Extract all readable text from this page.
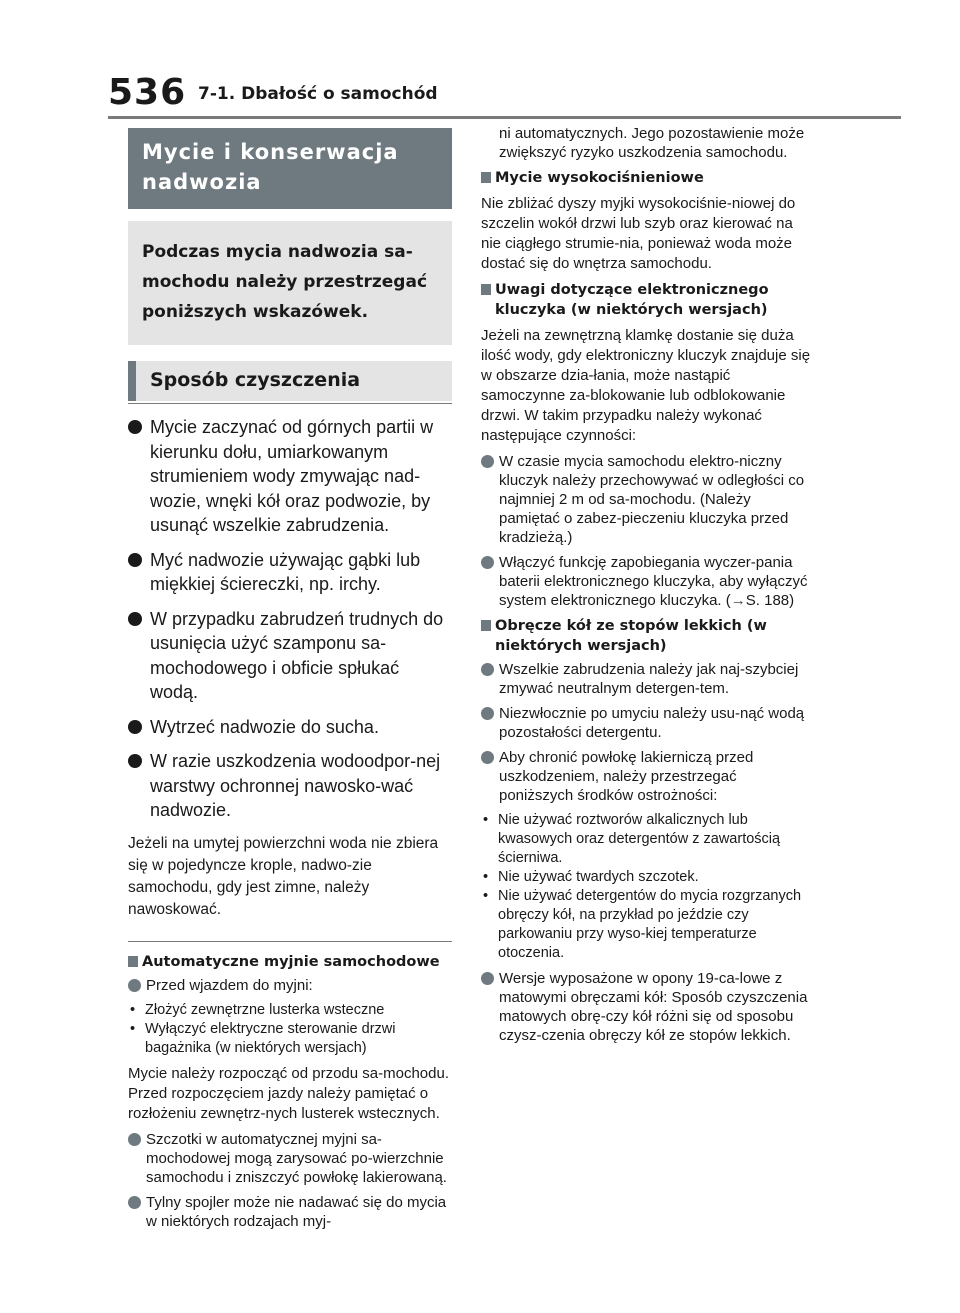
536 7-1. Dbałość o samochód
Mycie i konserwacja nadwozia
Podczas mycia nadwozia sa-mochodu należy przestrzegać poniższych wskazówek.
Sposób czyszczenia
Mycie zaczynać od górnych partii w kierunku dołu, umiarkowanym strumieniem wody zmywając nad-wozie, wnęki kół oraz podwozie, by usunąć wszelkie zabrudzenia.
Myć nadwozie używając gąbki lub miękkiej ściereczki, np. irchy.
W przypadku zabrudzeń trudnych do usunięcia użyć szamponu sa-mochodowego i obficie spłukać wodą.
Wytrzeć nadwozie do sucha.
W razie uszkodzenia wodoodpor-nej warstwy ochronnej nawosko-wać nadwozie.

Jeżeli na umytej powierzchni woda nie zbiera się w pojedyncze krople, nadwo-zie samochodu, gdy jest zimne, należy nawoskować.

Automatyczne myjnie samochodowe
Przed wjazdem do myjni:
• Złożyć zewnętrzne lusterka wsteczne
• Wyłączyć elektryczne sterowanie drzwi bagażnika (w niektórych wersjach)

Mycie należy rozpocząć od przodu sa-mochodu. Przed rozpoczęciem jazdy należy pamiętać o rozłożeniu zewnętrz-nych lusterek wstecznych.

Szczotki w automatycznej myjni sa-mochodowej mogą zarysować po-wierzchnie samochodu i zniszczyć powłokę lakierowaną.
Tylny spojler może nie nadawać się do mycia w niektórych rodzajach myj-

ni automatycznych. Jego pozostawienie może zwiększyć ryzyko uszkodzenia samochodu.

Mycie wysokociśnieniowe

Nie zbliżać dyszy myjki wysokociśnie-niowej do szczelin wokół drzwi lub szyb oraz kierować na nie ciągłego strumie-nia, ponieważ woda może dostać się do wnętrza samochodu.

Uwagi dotyczące elektronicznego kluczyka (w niektórych wersjach)

Jeżeli na zewnętrzną klamkę dostanie się duża ilość wody, gdy elektroniczny kluczyk znajduje się w obszarze dzia-łania, może nastąpić samoczynne za-blokowanie lub odblokowanie drzwi. W takim przypadku należy wykonać następujące czynności:

W czasie mycia samochodu elektro-niczny kluczyk należy przechowywać w odległości co najmniej 2 m od sa-mochodu. (Należy pamiętać o zabez-pieczeniu kluczyka przed kradzieżą.)
Włączyć funkcję zapobiegania wyczer-pania baterii elektronicznego kluczyka, aby wyłączyć system elektronicznego kluczyka. (→S. 188)
Obręcze kół ze stopów lekkich (w niektórych wersjach)
Wszelkie zabrudzenia należy jak naj-szybciej zmywać neutralnym detergen-tem.
Niezwłocznie po umyciu należy usu-nąć wodą pozostałości detergentu.
Aby chronić powłokę lakierniczą przed uszkodzeniem, należy przestrzegać poniższych środków ostrożności:
• Nie używać roztworów alkalicznych lub kwasowych oraz detergentów z zawartością ścierniwa.
• Nie używać twardych szczotek.
• Nie używać detergentów do mycia rozgrzanych obręczy kół, na przykład po jeździe czy parkowaniu przy wyso-kiej temperaturze otoczenia.
Wersje wyposażone w opony 19-ca-lowe z matowymi obręczami kół: Sposób czyszczenia matowych obrę-czy kół różni się od sposobu czysz-czenia obręczy kół ze stopów lekkich.
